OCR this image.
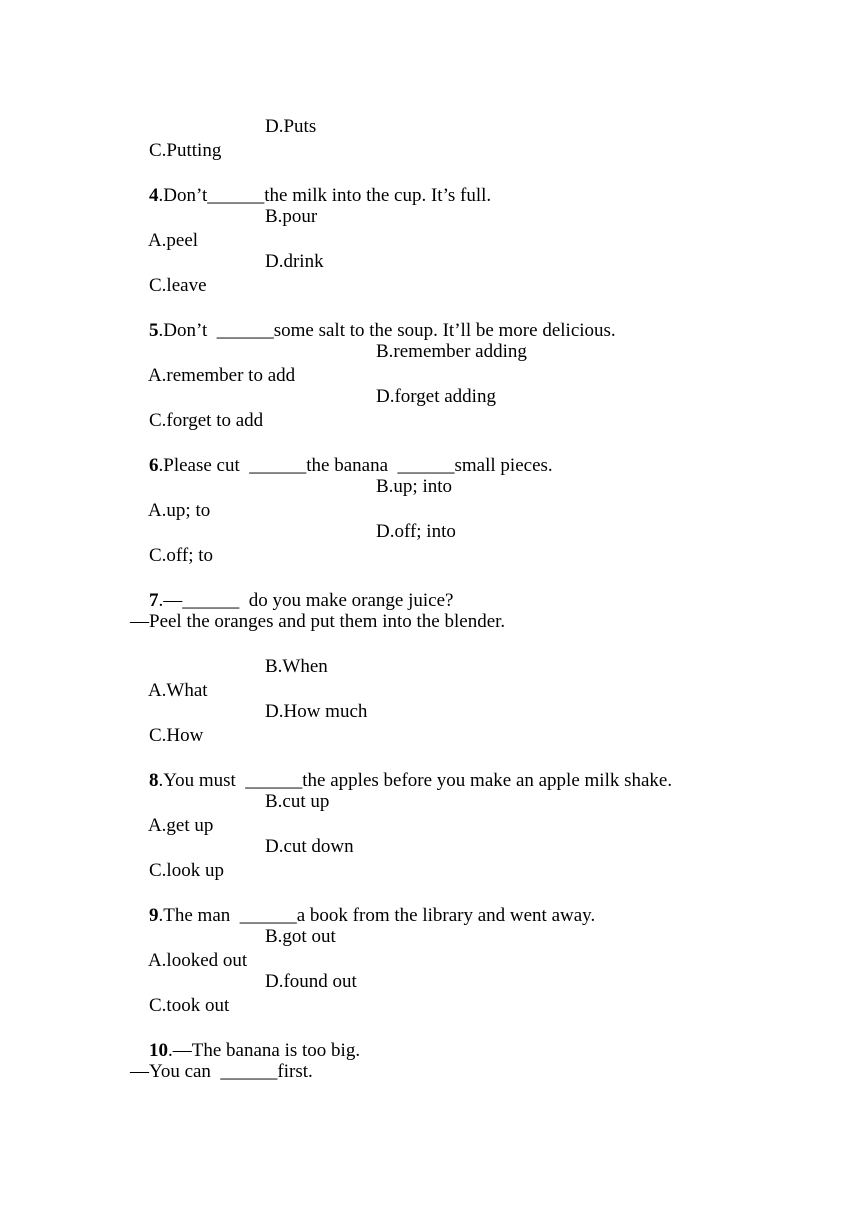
C.Putting

D.Puts

4.Don’t______the milk into the cup. It’s full.

A.peel

B.pour

C.leave

D.drink

5.Don’t  ______some salt to the soup. It’ll be more delicious.

A.remember to add

B.remember adding

C.forget to add

D.forget adding

6.Please cut  ______the banana  ______small pieces.

A.up; to

B.up; into

C.off; to

D.off; into

7.—______  do you make orange juice?

—Peel the oranges and put them into the blender.

A.What

B.When

C.How

D.How much

8.You must  ______the apples before you make an apple milk shake.

A.get up

B.cut up

C.look up

D.cut down

9.The man  ______a book from the library and went away.

A.looked out

B.got out

C.took out

D.found out

10.—The banana is too big.

—You can  ______first.
